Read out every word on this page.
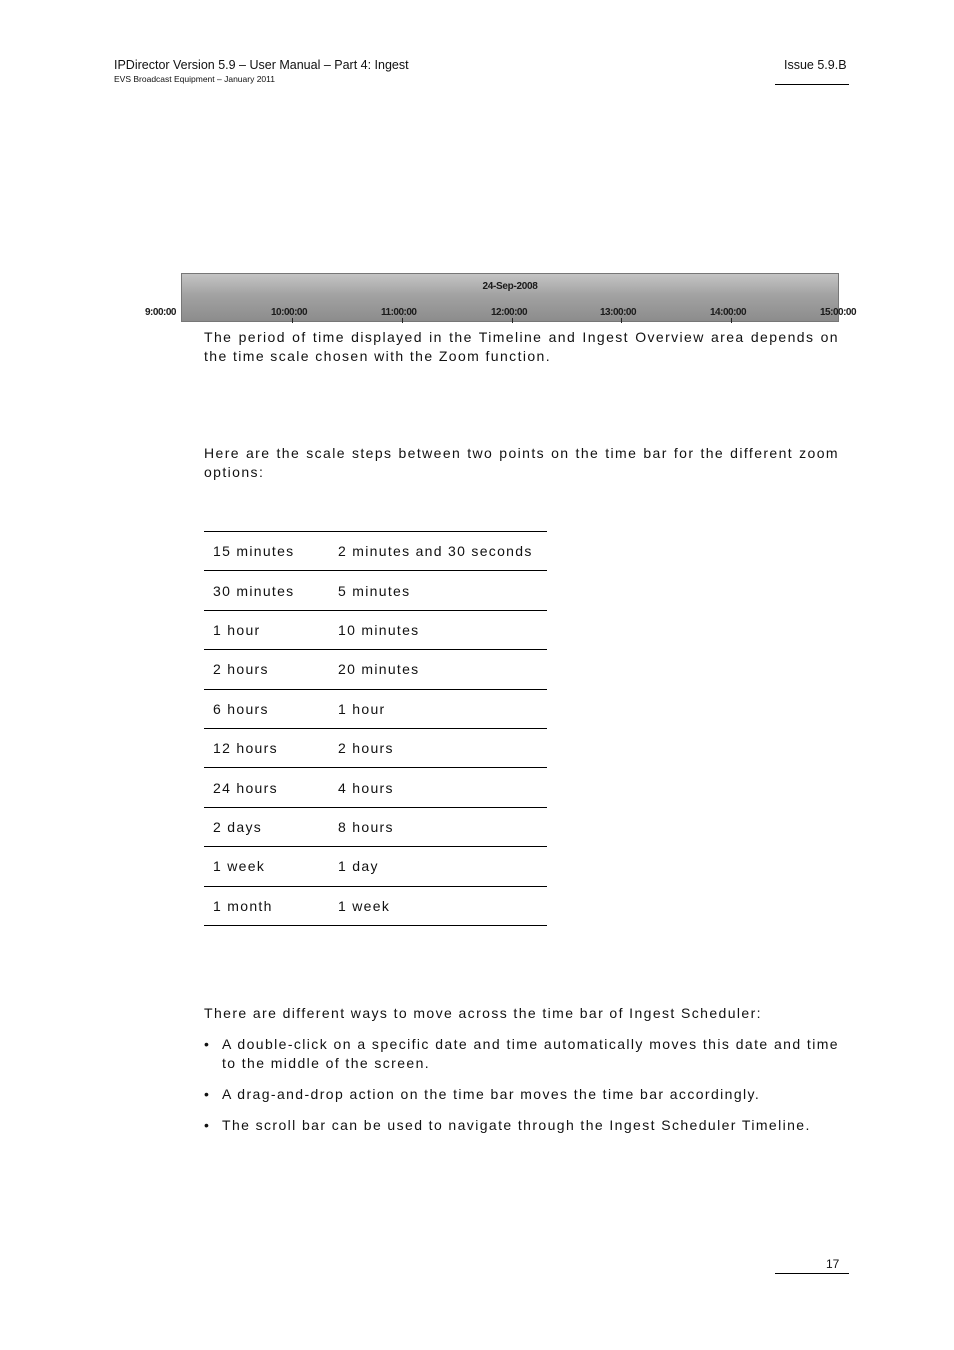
IPDirector Version 5.9 – User Manual – Part 4: Ingest
EVS Broadcast Equipment – January 2011
Issue 5.9.B
24-Sep-2008
9:00:00	10:00:00	11:00:00	12:00:00	13:00:00	14:00:00	15:00:00
The period of time displayed in the Timeline and Ingest Overview area depends on the time scale chosen with the Zoom function.
Here are the scale steps between two points on the time bar for the different zoom options:
15 minutes	2 minutes and 30 seconds
30 minutes	5 minutes
1 hour	10 minutes
2 hours	20 minutes
6 hours	1 hour
12 hours	2 hours
24 hours	4 hours
2 days	8 hours
1 week	1 day
1 month	1 week
There are different ways to move across the time bar of Ingest Scheduler:
• A double-click on a specific date and time automatically moves this date and time to the middle of the screen.
• A drag-and-drop action on the time bar moves the time bar accordingly.
• The scroll bar can be used to navigate through the Ingest Scheduler Timeline.
17
